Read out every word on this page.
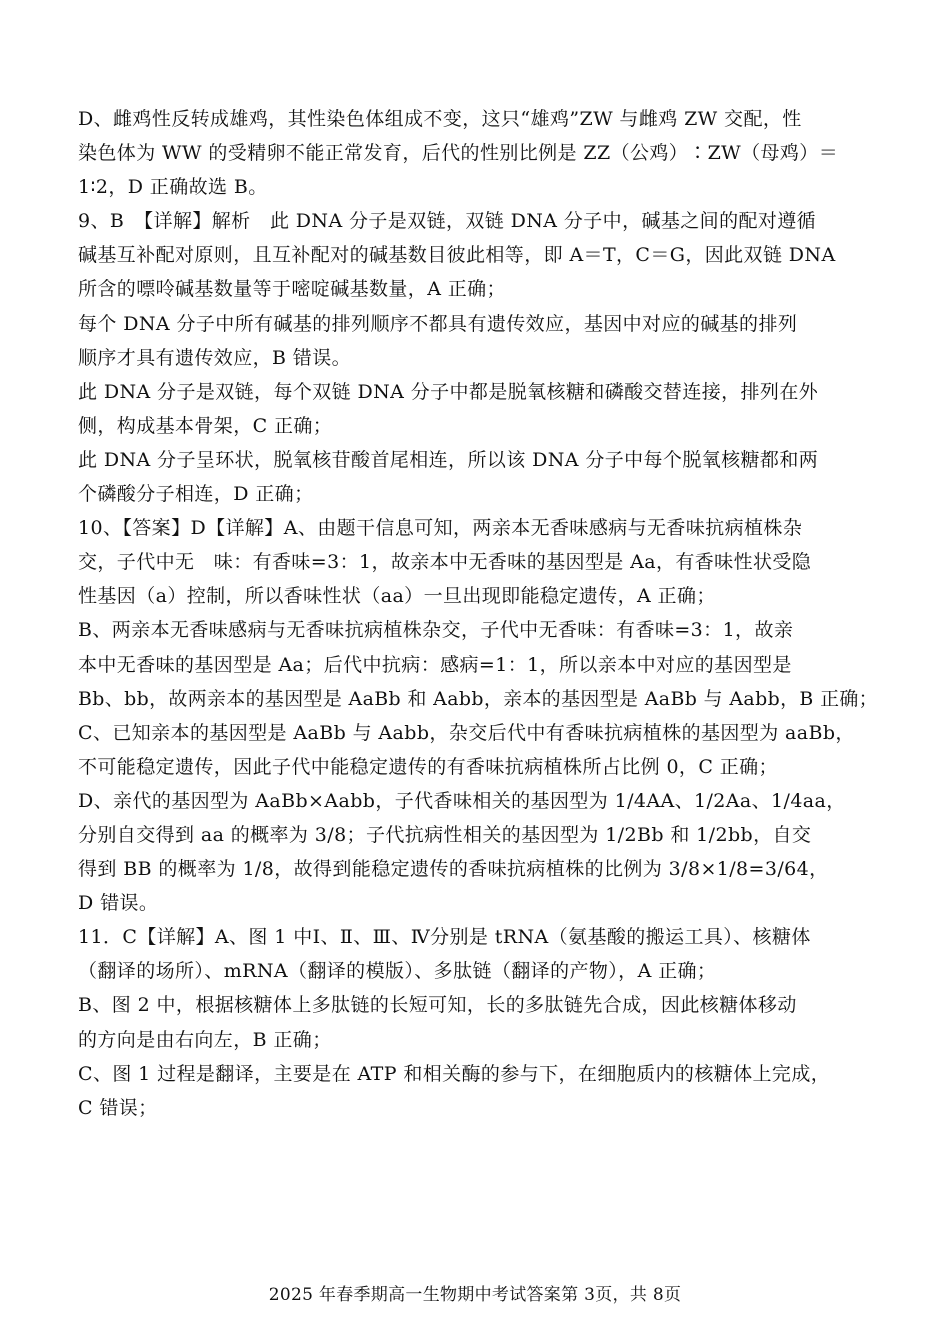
D、雌鸡性反转成雄鸡，其性染色体组成不变，这只“雄鸡”ZW 与雌鸡 ZW 交配，性
染色体为 WW 的受精卵不能正常发育，后代的性别比例是 ZZ（公鸡）∶ZW（母鸡）＝
1∶2，D 正确故选 B。
9、B　【详解】解析　此 DNA 分子是双链，双链 DNA 分子中，碱基之间的配对遵循
碱基互补配对原则，且互补配对的碱基数目彼此相等，即 A＝T，C＝G，因此双链 DNA
所含的嘌呤碱基数量等于嘧啶碱基数量，A 正确；
每个 DNA 分子中所有碱基的排列顺序不都具有遗传效应，基因中对应的碱基的排列
顺序才具有遗传效应，B 错误。
此 DNA 分子是双链，每个双链 DNA 分子中都是脱氧核糖和磷酸交替连接，排列在外
侧，构成基本骨架，C 正确；
此 DNA 分子呈环状，脱氧核苷酸首尾相连，所以该 DNA 分子中每个脱氧核糖都和两
个磷酸分子相连，D 正确；
10、【答案】D【详解】A、由题干信息可知，两亲本无香味感病与无香味抗病植株杂
交，子代中无　味：有香味=3：1，故亲本中无香味的基因型是 Aa，有香味性状受隐
性基因（a）控制，所以香味性状（aa）一旦出现即能稳定遗传，A 正确；
B、两亲本无香味感病与无香味抗病植株杂交，子代中无香味：有香味=3：1，故亲
本中无香味的基因型是 Aa；后代中抗病：感病=1：1，所以亲本中对应的基因型是
Bb、bb，故两亲本的基因型是 AaBb 和 Aabb，亲本的基因型是 AaBb 与 Aabb，B 正确；
C、已知亲本的基因型是 AaBb 与 Aabb，杂交后代中有香味抗病植株的基因型为 aaBb，
不可能稳定遗传，因此子代中能稳定遗传的有香味抗病植株所占比例 0，C 正确；
D、亲代的基因型为 AaBb×Aabb，子代香味相关的基因型为 1/4AA、1/2Aa、1/4aa，
分别自交得到 aa 的概率为 3/8；子代抗病性相关的基因型为 1/2Bb 和 1/2bb，自交
得到 BB 的概率为 1/8，故得到能稳定遗传的香味抗病植株的比例为 3/8×1/8=3/64，
D 错误。
11．C【详解】A、图 1 中Ⅰ、Ⅱ、Ⅲ、Ⅳ分别是 tRNA（氨基酸的搬运工具）、核糖体
（翻译的场所）、mRNA（翻译的模版）、多肽链（翻译的产物），A 正确；
B、图 2 中，根据核糖体上多肽链的长短可知，长的多肽链先合成，因此核糖体移动
的方向是由右向左，B 正确；
C、图 1 过程是翻译，主要是在 ATP 和相关酶的参与下，在细胞质内的核糖体上完成，
C 错误；
2025 年春季期高一生物期中考试答案第 3页，共 8页
